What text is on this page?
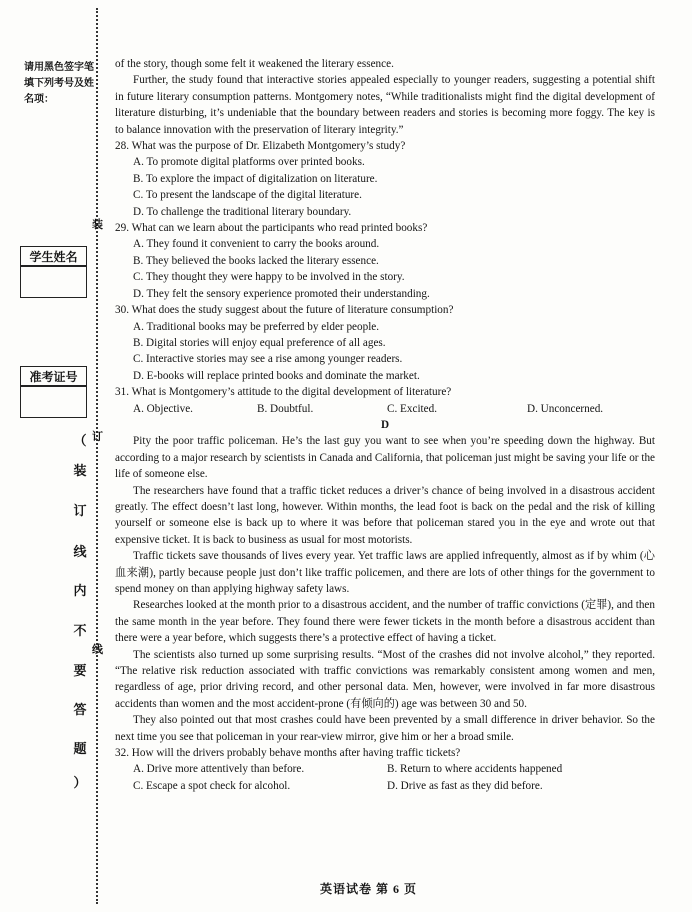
请用黑色签字笔填下列考号及姓名项：
学生姓名
准考证号
（
装
订
线
内
不
要
答
题
）
装
订
线

of the story, though some felt it weakened the literary essence.

Further, the study found that interactive stories appealed especially to younger readers, suggesting a potential shift in future literary consumption patterns. Montgomery notes, “While traditionalists might find the digital development of literature disturbing, it’s undeniable that the boundary between readers and stories is becoming more foggy. The key is to balance innovation with the preservation of literary integrity.”

28. What was the purpose of Dr. Elizabeth Montgomery’s study?

A. To promote digital platforms over printed books.

B. To explore the impact of digitalization on literature.

C. To present the landscape of the digital literature.

D. To challenge the traditional literary boundary.

29. What can we learn about the participants who read printed books?

A. They found it convenient to carry the books around.

B. They believed the books lacked the literary essence.

C. They thought they were happy to be involved in the story.

D. They felt the sensory experience promoted their understanding.

30. What does the study suggest about the future of literature consumption?

A. Traditional books may be preferred by elder people.

B. Digital stories will enjoy equal preference of all ages.

C. Interactive stories may see a rise among younger readers.

D. E-books will replace printed books and dominate the market.

31. What is Montgomery’s attitude to the digital development of literature?

A. Objective.	B. Doubtful.	C. Excited.	D. Unconcerned.

D

Pity the poor traffic policeman. He’s the last guy you want to see when you’re speeding down the highway. But according to a major research by scientists in Canada and California, that policeman just might be saving your life or the life of someone else.

The researchers have found that a traffic ticket reduces a driver’s chance of being involved in a disastrous accident greatly. The effect doesn’t last long, however. Within months, the lead foot is back on the pedal and the risk of killing yourself or someone else is back up to where it was before that policeman stared you in the eye and wrote out that expensive ticket. It is back to business as usual for most motorists.

Traffic tickets save thousands of lives every year. Yet traffic laws are applied infrequently, almost as if by whim (心血来潮), partly because people just don’t like traffic policemen, and there are lots of other things for the government to spend money on than applying highway safety laws.

Researches looked at the month prior to a disastrous accident, and the number of traffic convictions (定罪), and then the same month in the year before. They found there were fewer tickets in the month before a disastrous accident than there were a year before, which suggests there’s a protective effect of having a ticket.

The scientists also turned up some surprising results. “Most of the crashes did not involve alcohol,” they reported. “The relative risk reduction associated with traffic convictions was remarkably consistent among women and men, regardless of age, prior driving record, and other personal data. Men, however, were involved in far more disastrous accidents than women and the most accident-prone (有倾向的) age was between 30 and 50.

They also pointed out that most crashes could have been prevented by a small difference in driver behavior. So the next time you see that policeman in your rear-view mirror, give him or her a broad smile.

32. How will the drivers probably behave months after having traffic tickets?

A. Drive more attentively than before.	B. Return to where accidents happened
C. Escape a spot check for alcohol.	D. Drive as fast as they did before.
英语试卷 第 6 页
